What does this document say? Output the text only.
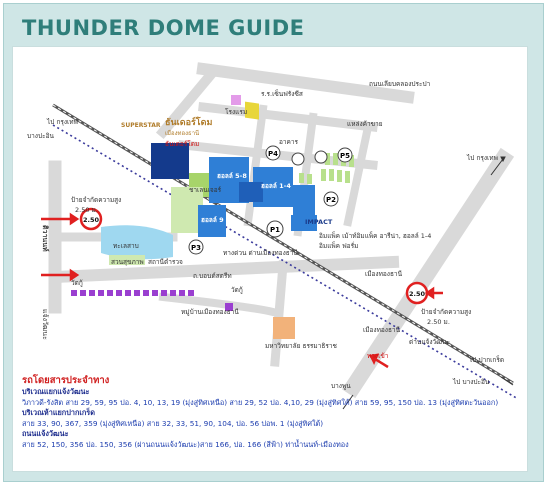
THUNDER DOME GUIDE
P4	P5
P1
P3
P2
2.50
2.50
ถนนเลียบคลองประปา
ร.ร.เซ็นฟรังซีส
โรงแรม
แหล่งค้าขาย
SUPERSTAR ธันเดอร์โดม
เมืองทองธานี
ธันเดอร์โดม	อาคาร
ฮอลล์ 5-8
ฮอลล์ 1-4
ฮอลล์ 9
ชาเลนเจอร์
IMPACT
อิมแพ็ค เม้าท์อิมแพ็ค อารีน่า, ฮอลล์ 1-4
อิมแพ็ค ฟอรั่ม
ทะเลสาบ
ทางด่วน ด่านเมืองทองธานี
สวนสุขภาพ สถานีตำรวจ
ถ.บอนด์สตรีท
วัดกู้
วัดกู้
หมู่บ้านเมืองทองธานี
มหาวิทยาลัย ธรรมาธิราช
เมืองทองธานี
เมืองทองธานี
ป้ายจำกัดความสูง
2.50 ม.
ป้ายจำกัดความสูง
2.50 ม.
บางปะอิน
ไป กรุงเทพ
ติวานนท์
แจ้งวัฒนะ
ไป กรุงเทพ
ไป ปากเกร็ด
ไป บางปะอิน
ทางเข้า
ด่านแจ้งวัฒนะ
บางพูน
รถโดยสารประจำทาง
บริเวณแยกแจ้งวัฒนะ
วิภาวดี-รังสิต สาย 29, 59, 95 ปอ. 4, 10, 13, 19 (มุ่งสู่ทิศเหนือ) สาย 29, 52 ปอ. 4,10, 29 (มุ่งสู่ทิศใต้) สาย 59, 95, 150 ปอ. 13 (มุ่งสู่ทิศตะวันออก)
บริเวณห้าแยกปากเกร็ด
สาย 33, 90, 367, 359 (มุ่งสู่ทิศเหนือ) สาย 32, 33, 51, 90, 104, ปอ. 56 ปอพ. 1 (มุ่งสู่ทิศใต้)
ถนนแจ้งวัฒนะ
สาย 52, 150, 356 ปอ. 150, 356 (ผ่านถนนแจ้งวัฒนะ)สาย 166, ปอ. 166 (สีฟ้า) ท่าน้ำนนท์-เมืองทอง
